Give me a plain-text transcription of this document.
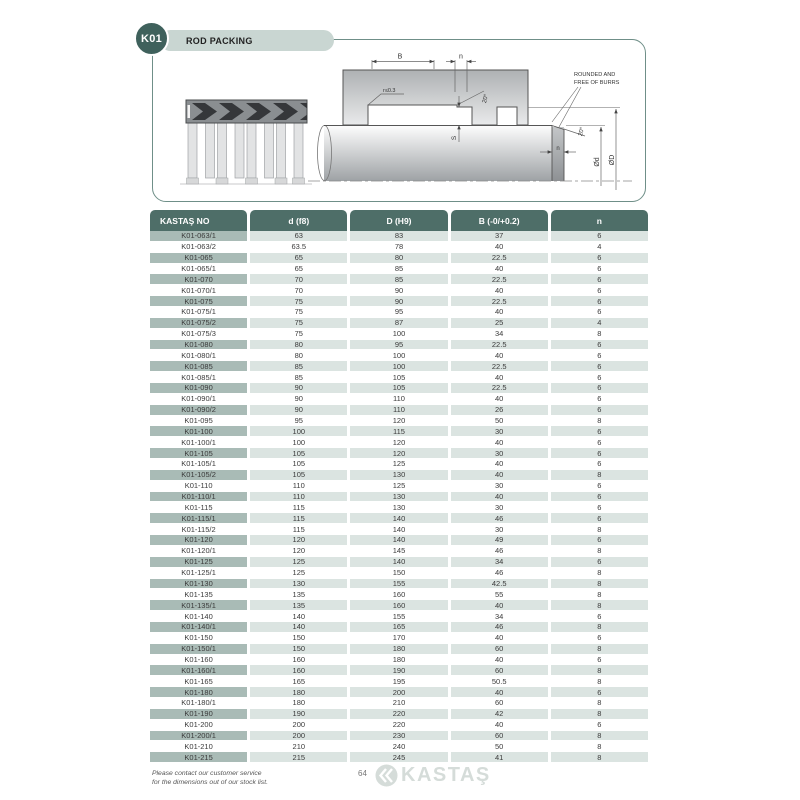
ROD PACKING
K01
B	n
r≤0.3
20°
S
ROUNDED AND
FREE OF BURRS
20°
n
Ød ØD
KASTAŞ NO	d (f8)	D (H9)	B (-0/+0.2)	n
K01-063/1	63	83	37	6
K01-063/2	63.5	78	40	4
K01-065	65	80	22.5	6
K01-065/1	65	85	40	6
K01-070	70	85	22.5	6
K01-070/1	70	90	40	6
K01-075	75	90	22.5	6
K01-075/1	75	95	40	6
K01-075/2	75	87	25	4
K01-075/3	75	100	34	8
K01-080	80	95	22.5	6
K01-080/1	80	100	40	6
K01-085	85	100	22.5	6
K01-085/1	85	105	40	6
K01-090	90	105	22.5	6
K01-090/1	90	110	40	6
K01-090/2	90	110	26	6
K01-095	95	120	50	8
K01-100	100	115	30	6
K01-100/1	100	120	40	6
K01-105	105	120	30	6
K01-105/1	105	125	40	6
K01-105/2	105	130	40	8
K01-110	110	125	30	6
K01-110/1	110	130	40	6
K01-115	115	130	30	6
K01-115/1	115	140	46	6
K01-115/2	115	140	30	8
K01-120	120	140	49	6
K01-120/1	120	145	46	8
K01-125	125	140	34	6
K01-125/1	125	150	46	8
K01-130	130	155	42.5	8
K01-135	135	160	55	8
K01-135/1	135	160	40	8
K01-140	140	155	34	6
K01-140/1	140	165	46	8
K01-150	150	170	40	6
K01-150/1	150	180	60	8
K01-160	160	180	40	6
K01-160/1	160	190	60	8
K01-165	165	195	50.5	8
K01-180	180	200	40	6
K01-180/1	180	210	60	8
K01-190	190	220	42	8
K01-200	200	220	40	6
K01-200/1	200	230	60	8
K01-210	210	240	50	8
K01-215	215	245	41	8
Please contact our customer service
for the dimensions out of our stock list.
64 KASTAŞ
